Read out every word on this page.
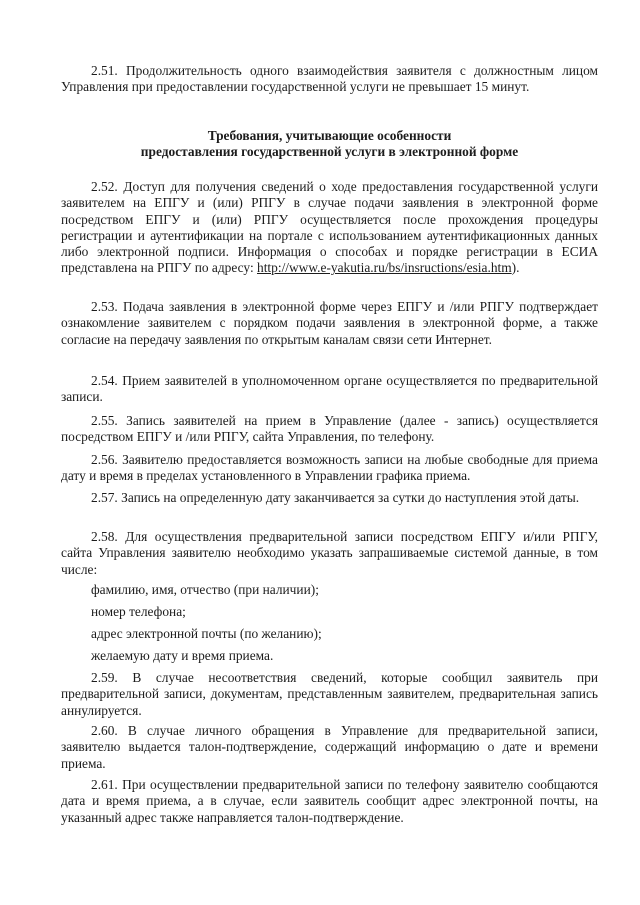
2.51. Продолжительность одного взаимодействия заявителя с должностным лицом Управления при предоставлении государственной услуги не превышает 15 минут.

Требования, учитывающие особенности

предоставления государственной услуги в электронной форме

2.52. Доступ для получения сведений о ходе предоставления государственной услуги заявителем на ЕПГУ и (или) РПГУ в случае подачи заявления в электронной форме посредством ЕПГУ и (или) РПГУ осуществляется после прохождения процедуры регистрации и аутентификации на портале с использованием аутентификационных данных либо электронной подписи. Информация о способах и порядке регистрации в ЕСИА представлена на РПГУ по адресу: http://www.e-yakutia.ru/bs/insructions/esia.htm).

2.53. Подача заявления в электронной форме через ЕПГУ и /или РПГУ подтверждает ознакомление заявителем с порядком подачи заявления в электронной форме, а также согласие на передачу заявления по открытым каналам связи сети Интернет.

2.54. Прием заявителей в уполномоченном органе осуществляется по предварительной записи.

2.55. Запись заявителей на прием в Управление (далее - запись) осуществляется посредством ЕПГУ и /или РПГУ, сайта Управления, по телефону.

2.56. Заявителю предоставляется возможность записи на любые свободные для приема дату и время в пределах установленного в Управлении графика приема.

2.57. Запись на определенную дату заканчивается за сутки до наступления этой даты.

2.58. Для осуществления предварительной записи посредством ЕПГУ и/или РПГУ, сайта Управления заявителю необходимо указать запрашиваемые системой данные, в том числе:

фамилию, имя, отчество (при наличии);

номер телефона;

адрес электронной почты (по желанию);

желаемую дату и время приема.

2.59. В случае несоответствия сведений, которые сообщил заявитель при предварительной записи, документам, представленным заявителем, предварительная запись аннулируется.

2.60. В случае личного обращения в Управление для предварительной записи, заявителю выдается талон-подтверждение, содержащий информацию о дате и времени приема.

2.61. При осуществлении предварительной записи по телефону заявителю сообщаются дата и время приема, а в случае, если заявитель сообщит адрес электронной почты, на указанный адрес также направляется талон-подтверждение.
